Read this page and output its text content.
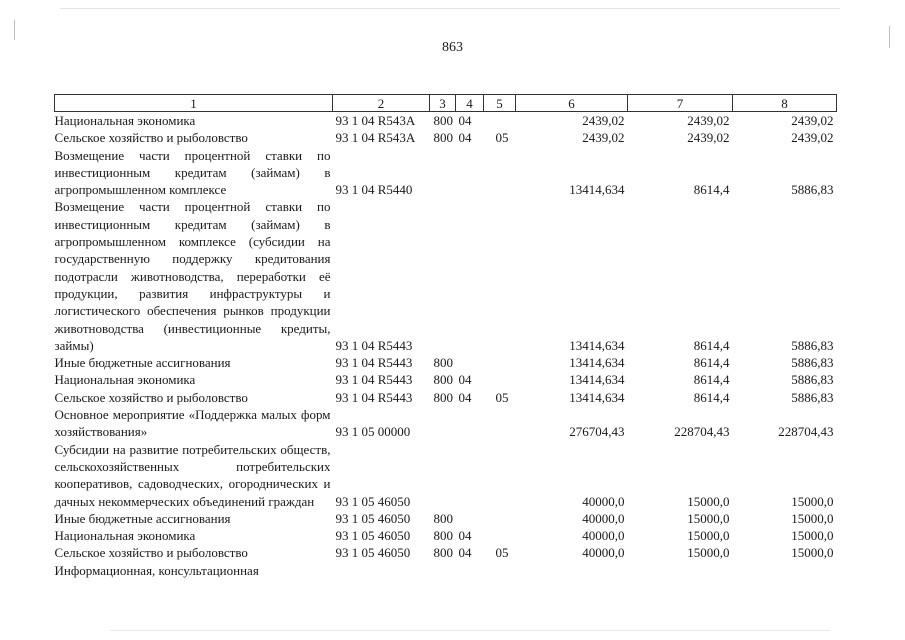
863
1	2	3	4	5	6	7	8
Национальная экономика	93 1 04 R543A	800	04		2439,02	2439,02	2439,02
Сельское хозяйство и рыболовство	93 1 04 R543A	800	04	05	2439,02	2439,02	2439,02
Возмещение части процентной ставки по инвестиционным кредитам (займам) в агропромышленном комплексе	93 1 04 R5440				13414,634	8614,4	5886,83
Возмещение части процентной ставки по инвестиционным кредитам (займам) в агропромышленном комплексе (субсидии на государственную поддержку кредитования подотрасли животноводства, переработки её продукции, развития инфраструктуры и логистического обеспечения рынков продукции животноводства (инвестиционные кредиты, займы)	93 1 04 R5443				13414,634	8614,4	5886,83
Иные бюджетные ассигнования	93 1 04 R5443	800			13414,634	8614,4	5886,83
Национальная экономика	93 1 04 R5443	800	04		13414,634	8614,4	5886,83
Сельское хозяйство и рыболовство	93 1 04 R5443	800	04	05	13414,634	8614,4	5886,83
Основное мероприятие «Поддержка малых форм хозяйствования»	93 1 05 00000				276704,43	228704,43	228704,43
Субсидии на развитие потребительских обществ, сельскохозяйственных потребительских кооперативов, садоводческих, огороднических и дачных некоммерческих объединений граждан	93 1 05 46050				40000,0	15000,0	15000,0
Иные бюджетные ассигнования	93 1 05 46050	800			40000,0	15000,0	15000,0
Национальная экономика	93 1 05 46050	800	04		40000,0	15000,0	15000,0
Сельское хозяйство и рыболовство	93 1 05 46050	800	04	05	40000,0	15000,0	15000,0
Информационная, консультационная							
